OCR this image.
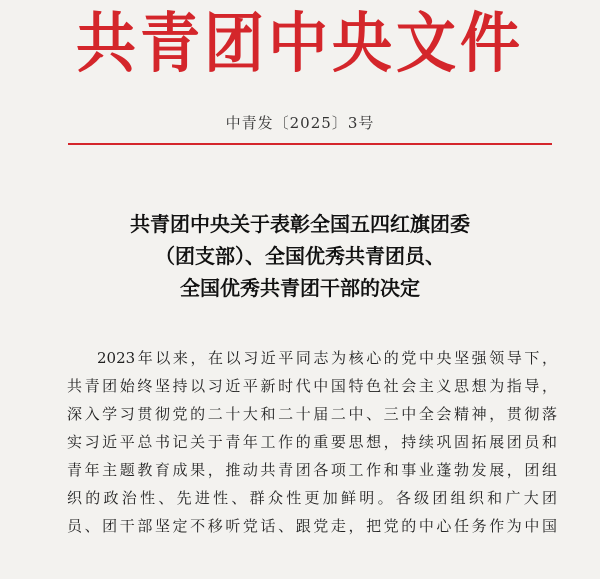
共青团中央文件
中青发〔2025〕3号
共青团中央关于表彰全国五四红旗团委
（团支部）、全国优秀共青团员、
全国优秀共青团干部的决定
2023年以来，在以习近平同志为核心的党中央坚强领导下，
共青团始终坚持以习近平新时代中国特色社会主义思想为指导，
深入学习贯彻党的二十大和二十届二中、三中全会精神，贯彻落
实习近平总书记关于青年工作的重要思想，持续巩固拓展团员和
青年主题教育成果，推动共青团各项工作和事业蓬勃发展，团组
织的政治性、先进性、群众性更加鲜明。各级团组织和广大团
员、团干部坚定不移听党话、跟党走，把党的中心任务作为中国
